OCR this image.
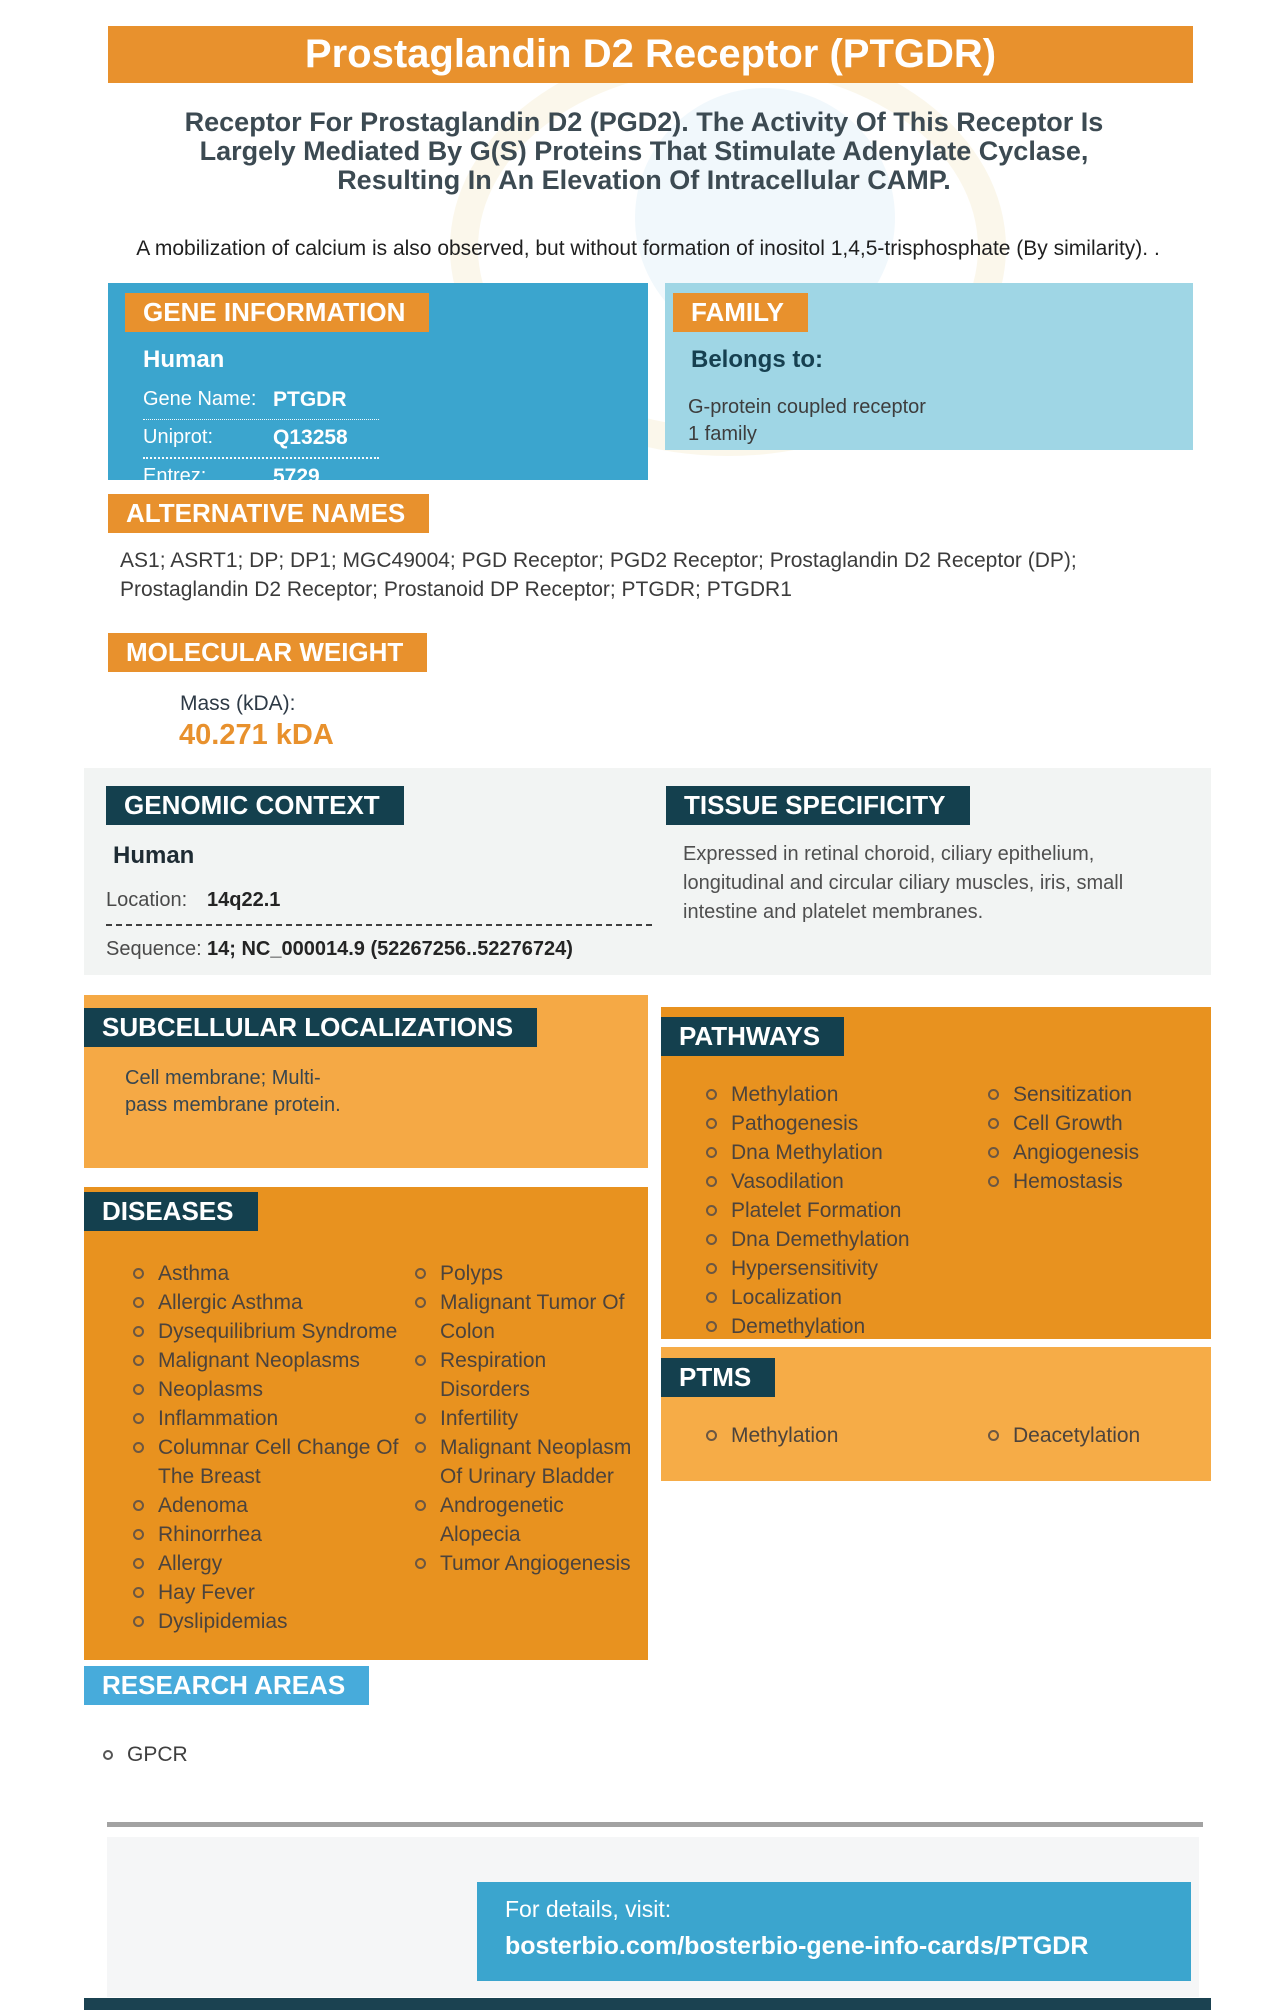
Prostaglandin D2 Receptor (PTGDR)
Receptor For Prostaglandin D2 (PGD2). The Activity Of This Receptor Is Largely Mediated By G(S) Proteins That Stimulate Adenylate Cyclase, Resulting In An Elevation Of Intracellular CAMP.
A mobilization of calcium is also observed, but without formation of inositol 1,4,5-trisphosphate (By similarity). .
GENE INFORMATION
Human
Gene Name: PTGDR
Uniprot:	Q13258
Entrez:	5729
FAMILY
Belongs to:
G-protein coupled receptor
1 family
ALTERNATIVE NAMES
AS1; ASRT1; DP; DP1; MGC49004; PGD Receptor; PGD2 Receptor; Prostaglandin D2 Receptor (DP); Prostaglandin D2 Receptor; Prostanoid DP Receptor; PTGDR; PTGDR1
MOLECULAR WEIGHT
Mass (kDA):
40.271 kDA
GENOMIC CONTEXT
Human
Location: 14q22.1
Sequence: 14; NC_000014.9 (52267256..52276724)
TISSUE SPECIFICITY
Expressed in retinal choroid, ciliary epithelium, longitudinal and circular ciliary muscles, iris, small intestine and platelet membranes.
SUBCELLULAR LOCALIZATIONS
Cell membrane; Multi-
pass membrane protein.
PATHWAYS
Methylation
Pathogenesis
Dna Methylation
Vasodilation
Platelet Formation
Dna Demethylation
Hypersensitivity
Localization
Demethylation
Sensitization
Cell Growth
Angiogenesis
Hemostasis
DISEASES
Asthma
Allergic Asthma
Dysequilibrium Syndrome
Malignant Neoplasms
Neoplasms
Inflammation
Columnar Cell Change Of The Breast
Adenoma
Rhinorrhea
Allergy
Hay Fever
Dyslipidemias
Polyps
Malignant Tumor Of Colon
Respiration Disorders
Infertility
Malignant Neoplasm Of Urinary Bladder
Androgenetic Alopecia
Tumor Angiogenesis
PTMS
Methylation	Deacetylation
RESEARCH AREAS
GPCR
For details, visit:
bosterbio.com/bosterbio-gene-info-cards/PTGDR
